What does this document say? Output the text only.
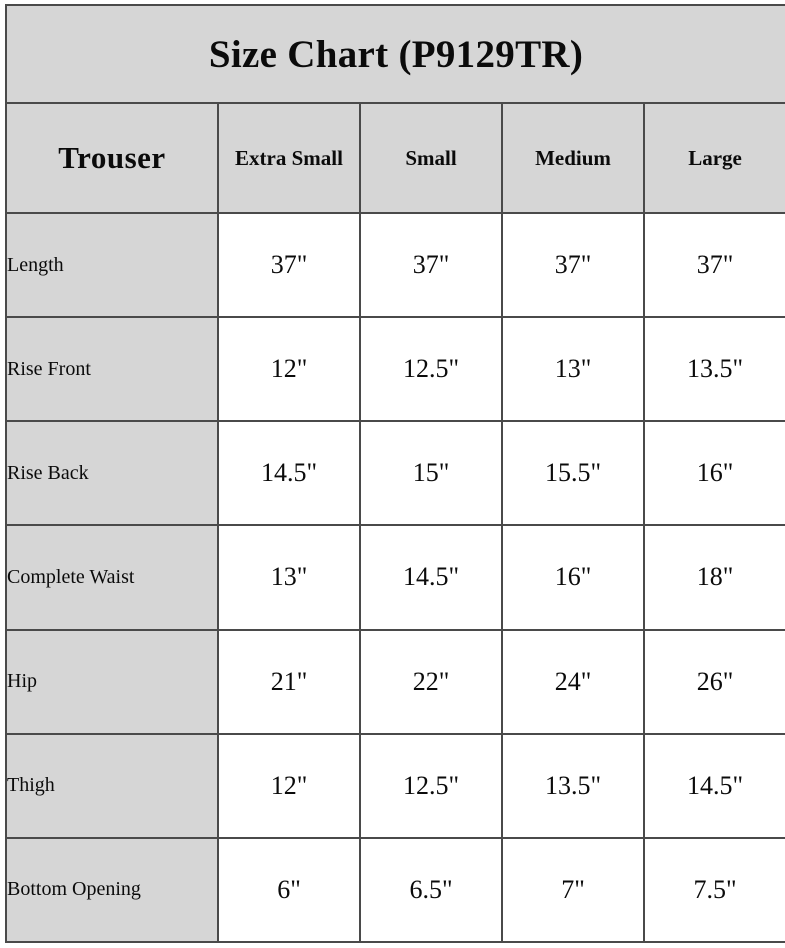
Size Chart (P9129TR)				
Trouser	Extra Small	Small	Medium	Large
Length	37"	37"	37"	37"
Rise Front	12"	12.5"	13"	13.5"
Rise Back	14.5"	15"	15.5"	16"
Complete Waist	13"	14.5"	16"	18"
Hip	21"	22"	24"	26"
Thigh	12"	12.5"	13.5"	14.5"
Bottom Opening	6"	6.5"	7"	7.5"
